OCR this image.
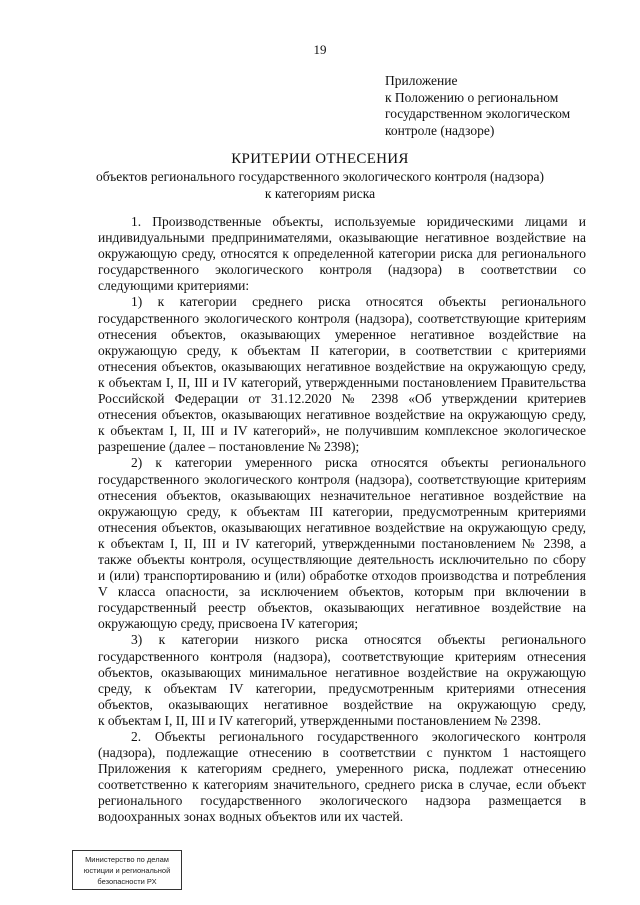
19
Приложение
к Положению о региональном
государственном экологическом
контроле (надзоре)
КРИТЕРИИ ОТНЕСЕНИЯ
объектов регионального государственного экологического контроля (надзора)
к категориям риска
1. Производственные объекты, используемые юридическими лицами и
индивидуальными предпринимателями, оказывающие негативное воздействие на
окружающую среду, относятся к определенной категории риска для регионального
государственного экологического контроля (надзора) в соответствии со
следующими критериями:
1) к категории среднего риска относятся объекты регионального
государственного экологического контроля (надзора), соответствующие критериям
отнесения объектов, оказывающих умеренное негативное воздействие на
окружающую среду, к объектам II категории, в соответствии с критериями
отнесения объектов, оказывающих негативное воздействие на окружающую среду,
к объектам I, II, III и IV категорий, утвержденными постановлением Правительства
Российской Федерации от 31.12.2020 № 2398 «Об утверждении критериев
отнесения объектов, оказывающих негативное воздействие на окружающую среду,
к объектам I, II, III и IV категорий», не получившим комплексное экологическое
разрешение (далее – постановление № 2398);
2) к категории умеренного риска относятся объекты регионального
государственного экологического контроля (надзора), соответствующие критериям
отнесения объектов, оказывающих незначительное негативное воздействие на
окружающую среду, к объектам III категории, предусмотренным критериями
отнесения объектов, оказывающих негативное воздействие на окружающую среду,
к объектам I, II, III и IV категорий, утвержденными постановлением № 2398, а
также объекты контроля, осуществляющие деятельность исключительно по сбору
и (или) транспортированию и (или) обработке отходов производства и потребления
V класса опасности, за исключением объектов, которым при включении в
государственный реестр объектов, оказывающих негативное воздействие на
окружающую среду, присвоена IV категория;
3) к категории низкого риска относятся объекты регионального
государственного контроля (надзора), соответствующие критериям отнесения
объектов, оказывающих минимальное негативное воздействие на окружающую
среду, к объектам IV категории, предусмотренным критериями отнесения
объектов, оказывающих негативное воздействие на окружающую среду,
к объектам I, II, III и IV категорий, утвержденными постановлением № 2398.
2. Объекты регионального государственного экологического контроля
(надзора), подлежащие отнесению в соответствии с пунктом 1 настоящего
Приложения к категориям среднего, умеренного риска, подлежат отнесению
соответственно к категориям значительного, среднего риска в случае, если объект
регионального государственного экологического надзора размещается в
водоохранных зонах водных объектов или их частей.
Министерство по делам
юстиции и региональной
безопасности РХ
